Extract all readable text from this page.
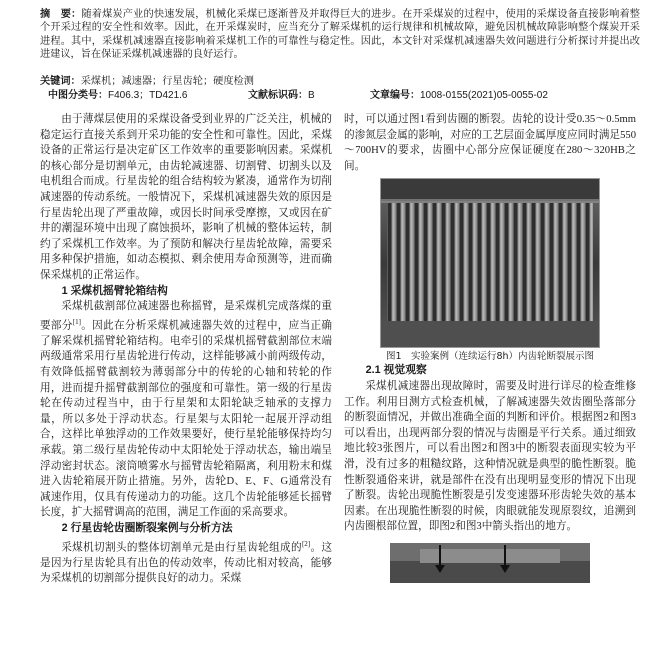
摘　要：随着煤炭产业的快速发展，机械化采煤已逐渐普及并取得巨大的进步。在开采煤炭的过程中，使用的采煤设备直接影响着整个开采过程的安全性和效率。因此，在开采煤炭时，应当充分了解采煤机的运行规律和机械故障，避免因机械故障影响整个煤炭开采进程。其中，采煤机减速器直接影响着采煤机工作的可靠性与稳定性。因此，本文针对采煤机减速器失效问题进行分析探讨并提出改进建议，旨在保证采煤机减速器的良好运行。
关键词：采煤机；减速器；行星齿轮；硬度检测
中图分类号：F406.3；TD421.6	文献标识码：B	文章编号：1008-0155(2021)05-0055-02

由于薄煤层使用的采煤设备受到业界的广泛关注，机械的稳定运行直接关系到开采功能的安全性和可靠性。因此，采煤设备的正常运行是决定矿区工作效率的重要影响因素。采煤机的核心部分是切割单元，由齿轮减速器、切割臂、切割头以及电机组合而成。行星齿轮的组合结构较为紧凑，通常作为切削减速器的传动系统。一般情况下，采煤机减速器失效的原因是行星齿轮出现了严重故障，或因长时间承受摩擦，又或因在矿井的潮湿环境中出现了腐蚀损坏，影响了机械的整体运转，制约了采煤机工作效率。为了预防和解决行星齿轮故障，需要采用多种保护措施，如动态模拟、剩余使用寿命预测等，进而确保采煤机的正常运作。

1 采煤机摇臂轮箱结构

采煤机截割部位减速器也称摇臂，是采煤机完成落煤的重要部分[1]。因此在分析采煤机减速器失效的过程中，应当正确了解采煤机摇臂轮箱结构。电牵引的采煤机摇臂截割部位末端两级通常采用行星齿轮进行传动，这样能够减小前两级传动，有效降低摇臂截割较为薄弱部分中的传轮的心轴和转轮的作用，进而提升摇臂截割部位的强度和可靠性。第一级的行星齿轮在传动过程当中，由于行星架和太阳轮缺乏轴承的支撑力量，所以多处于浮动状态。行星架与太阳轮一起展开浮动组合，这样比单独浮动的工作效果要好，使行星轮能够保持均匀承载。第二级行星齿轮传动中太阳轮处于浮动状态，输出端呈浮动密封状态。滚筒喷雾水与摇臂齿轮箱隔离，利用粉末和煤进入齿轮箱展开防止措施。另外，齿轮D、E、F、G通常没有减速作用，仅具有传递动力的功能。这几个齿轮能够延长摇臂长度，扩大摇臂调高的范围，满足工作面的采高要求。

2 行星齿轮齿圈断裂案例与分析方法

采煤机切割头的整体切割单元是由行星齿轮组成的[2]。这是因为行星齿轮具有出色的传动效率，传动比相对较高，能够为采煤机的切割部分提供良好的动力。采煤

时，可以通过图1看到齿圈的断裂。齿轮的设计受0.35～0.5mm的渗氮层金属的影响，对应的工艺层面金属厚度应同时满足550～700HV的要求，齿圈中心部分应保证硬度在280～320HB之间。

图1　实验案例（连续运行8h）内齿轮断裂展示图
2.1 视觉观察

采煤机减速器出现故障时，需要及时进行详尽的检查维修工作。利用目测方式检查机械，了解减速器失效齿圈坠落部分的断裂面情况，并做出准确全面的判断和评价。根据图2和图3可以看出，出现两部分裂的情况与齿圈是平行关系。通过细致地比较3张图片，可以看出图2和图3中的断裂表面现实较为平滑，没有过多的粗糙纹路，这种情况就是典型的脆性断裂。脆性断裂通俗来讲，就是部件在没有出现明显变形的情况下出现了断裂。齿轮出现脆性断裂是引发变速器环形齿轮失效的基本因素。在出现脆性断裂的时候，肉眼就能发现原裂纹，追溯到内齿圈根部位置，即图2和图3中箭头指出的地方。
